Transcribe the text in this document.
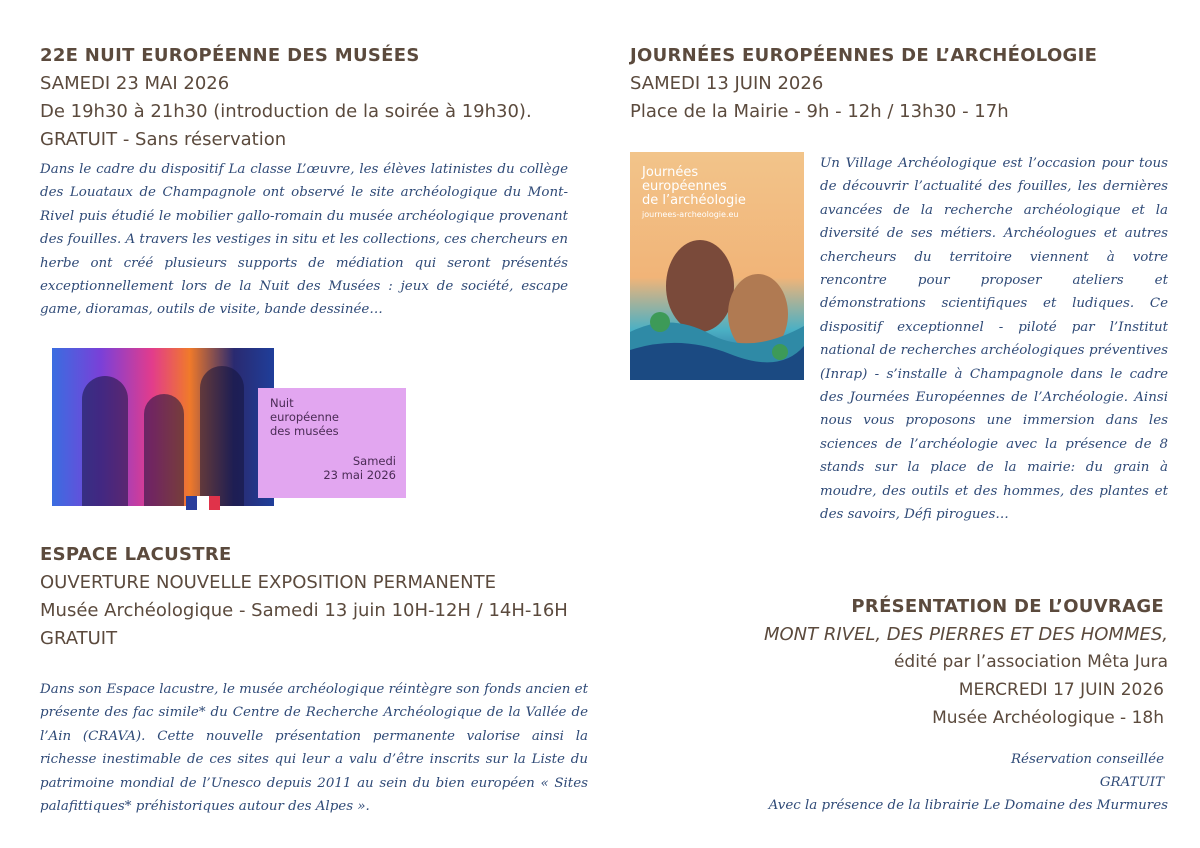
22E NUIT EUROPÉENNE DES MUSÉES
SAMEDI 23 MAI 2026
De 19h30 à 21h30 (introduction de la soirée à 19h30).
GRATUIT - Sans réservation
Dans le cadre du dispositif La classe L’œuvre, les élèves latinistes du collège des Louataux de Champagnole ont observé le site archéologique du Mont-Rivel puis étudié le mobilier gallo-romain du musée archéologique provenant des fouilles. A travers les vestiges in situ et les collections, ces chercheurs en herbe ont créé plusieurs supports de médiation qui seront présentés exceptionnellement lors de la Nuit des Musées : jeux de société, escape game, dioramas, outils de visite, bande dessinée…
Nuit
européenne
des musées
Samedi
23 mai 2026
ESPACE LACUSTRE
OUVERTURE NOUVELLE EXPOSITION PERMANENTE
Musée Archéologique - Samedi 13 juin 10H-12H / 14H-16H
GRATUIT
Dans son Espace lacustre, le musée archéologique réintègre son fonds ancien et présente des fac simile* du Centre de Recherche Archéologique de la Vallée de l’Ain (CRAVA). Cette nouvelle présentation permanente valorise ainsi la richesse inestimable de ces sites qui leur a valu d’être inscrits sur la Liste du patrimoine mondial de l’Unesco depuis 2011 au sein du bien européen « Sites palafittiques* préhistoriques autour des Alpes ».
JOURNÉES EUROPÉENNES DE L’ARCHÉOLOGIE
SAMEDI 13 JUIN 2026
Place de la Mairie - 9h - 12h / 13h30 - 17h
Journées
européennes
de l’archéologie
journees-archeologie.eu
Un Village Archéologique est l’occasion pour tous de découvrir l’actualité des fouilles, les dernières avancées de la recherche archéologique et la diversité de ses métiers. Archéologues et autres chercheurs du territoire viennent à votre rencontre pour proposer ateliers et démonstrations scientifiques et ludiques. Ce dispositif exceptionnel - piloté par l’Institut national de recherches archéologiques préventives (Inrap) - s’installe à Champagnole dans le cadre des Journées Européennes de l’Archéologie. Ainsi nous vous proposons une immersion dans les sciences de l’archéologie avec la présence de 8 stands sur la place de la mairie: du grain à moudre, des outils et des hommes, des plantes et des savoirs, Défi pirogues…
PRÉSENTATION DE L’OUVRAGE
MONT RIVEL, DES PIERRES ET DES HOMMES,
édité par l’association Mêta Jura
MERCREDI 17 JUIN 2026
Musée Archéologique - 18h
Réservation conseillée
GRATUIT
Avec la présence de la librairie Le Domaine des Murmures
